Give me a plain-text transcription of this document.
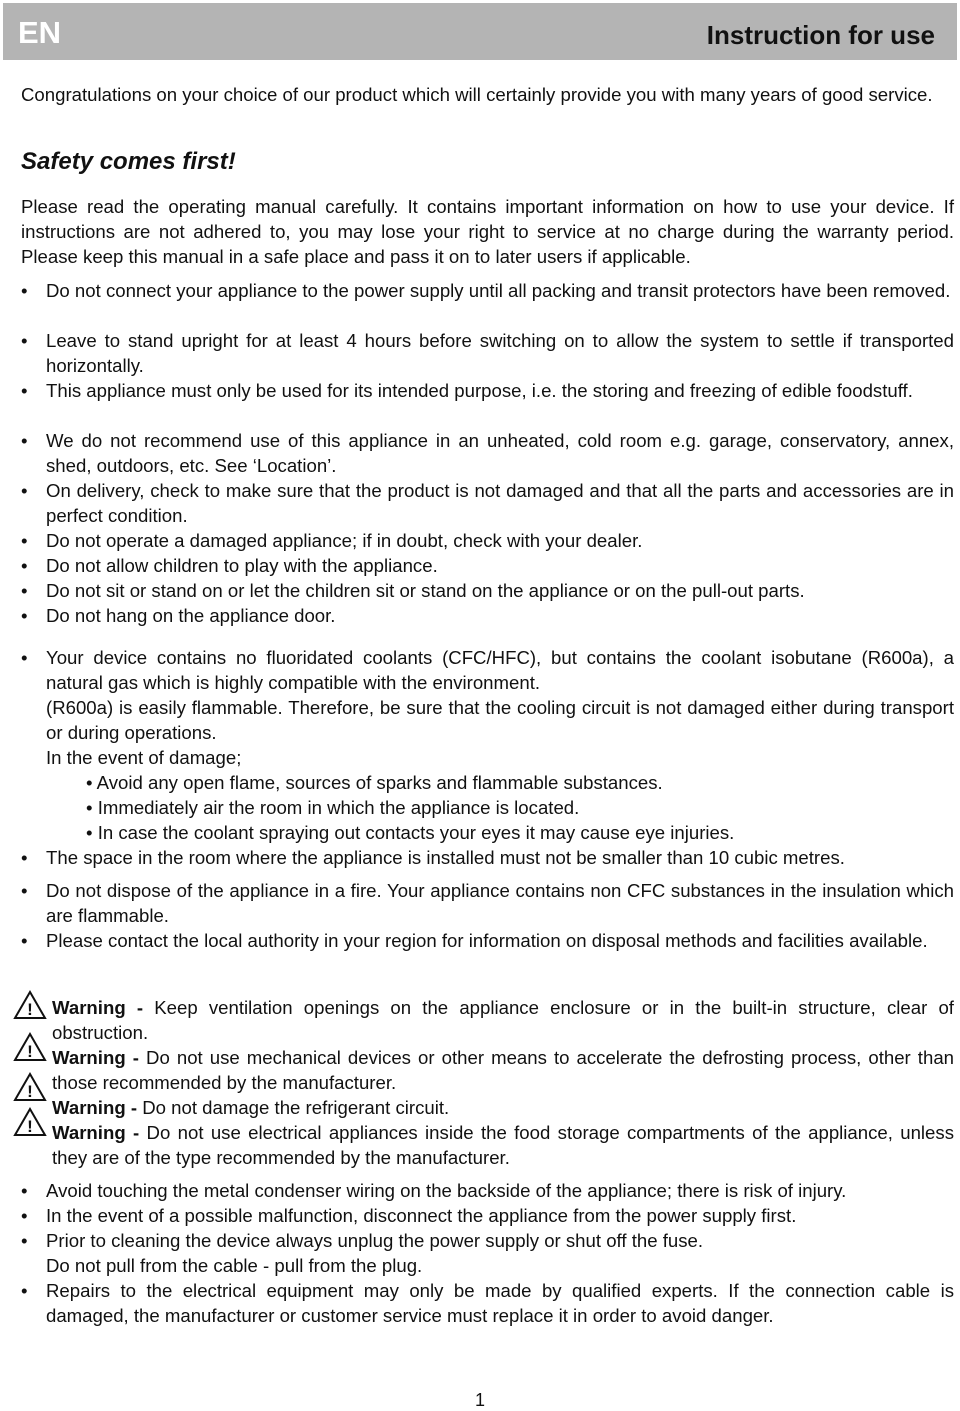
EN	Instruction for use
Congratulations on your choice of our product which will certainly provide you with many years of good service.
Safety comes first!
Please read the operating manual carefully. It contains important information on how to use your device. If instructions are not adhered to, you may lose your right to service at no charge during the warranty period. Please keep this manual in a safe place and pass it on to later users if applicable.
• Do not connect your appliance to the power supply until all packing and transit protectors have been removed.
• Leave to stand upright for at least 4 hours before switching on to allow the system to settle if transported horizontally.
• This appliance must only be used for its intended purpose, i.e. the storing and freezing of edible foodstuff.
• We do not recommend use of this appliance in an unheated, cold room e.g. garage, conservatory, annex, shed, outdoors, etc. See ‘Location’.
• On delivery, check to make sure that the product is not damaged and that all the parts and accessories are in perfect condition.
• Do not operate a damaged appliance; if in doubt, check with your dealer.
• Do not allow children to play with the appliance.
• Do not sit or stand on or let the children sit or stand on the appliance or on the pull-out parts.
• Do not hang on the appliance door.
• Your device contains no fluoridated coolants (CFC/HFC), but contains the coolant isobutane (R600a), a natural gas which is highly compatible with the environment.
(R600a) is easily flammable. Therefore, be sure that the cooling circuit is not damaged either during transport or during operations.
In the event of damage;
• Avoid any open flame, sources of sparks and flammable substances.
• Immediately air the room in which the appliance is located.
• In case the coolant spraying out contacts your eyes it may cause eye injuries.
• The space in the room where the appliance is installed must not be smaller than 10 cubic metres.
• Do not dispose of the appliance in a fire. Your appliance contains non CFC substances in the insulation which are flammable.
• Please contact the local authority in your region for information on disposal methods and facilities available.
!
!
!
!
Warning - Keep ventilation openings on the appliance enclosure or in the built-in structure, clear of obstruction.
Warning - Do not use mechanical devices or other means to accelerate the defrosting process, other than those recommended by the manufacturer.
Warning - Do not damage the refrigerant circuit.
Warning - Do not use electrical appliances inside the food storage compartments of the appliance, unless they are of the type recommended by the manufacturer.
• Avoid touching the metal condenser wiring on the backside of the appliance; there is risk of injury.
• In the event of a possible malfunction, disconnect the appliance from the power supply first.
• Prior to cleaning the device always unplug the power supply or shut off the fuse.
Do not pull from the cable - pull from the plug.
• Repairs to the electrical equipment may only be made by qualified experts. If the connection cable is damaged, the manufacturer or customer service must replace it in order to avoid danger.
1
